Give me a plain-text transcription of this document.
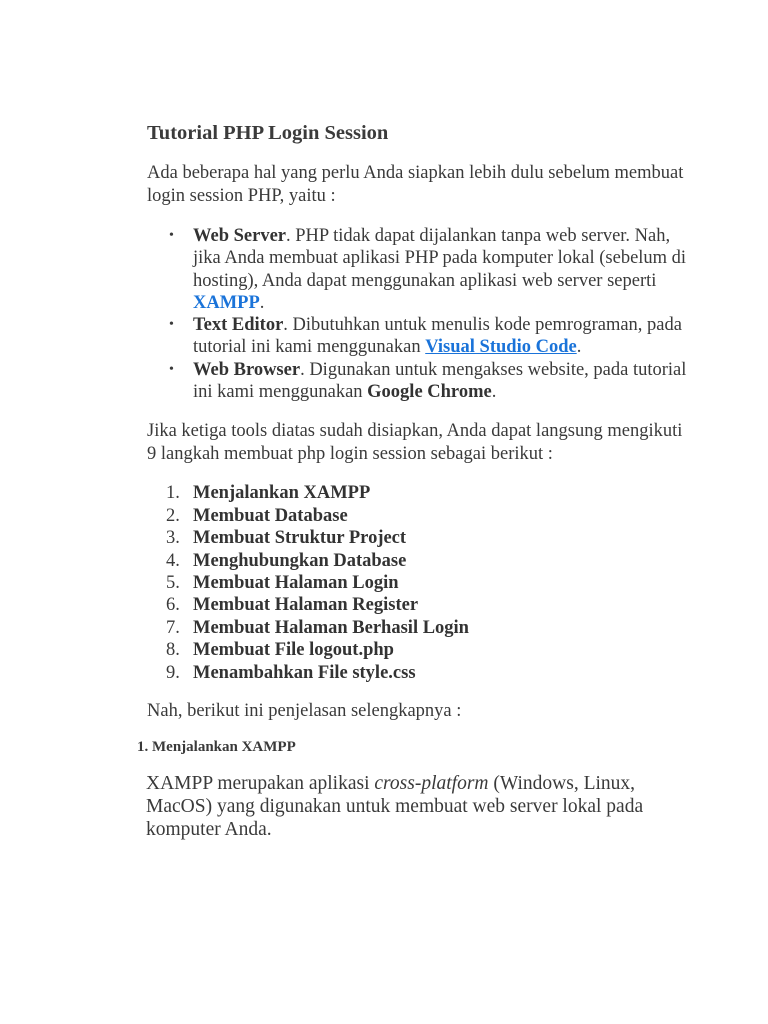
Tutorial PHP Login Session

Ada beberapa hal yang perlu Anda siapkan lebih dulu sebelum membuat login session PHP, yaitu :

• Web Server. PHP tidak dapat dijalankan tanpa web server. Nah, jika Anda membuat aplikasi PHP pada komputer lokal (sebelum di hosting), Anda dapat menggunakan aplikasi web server seperti XAMPP.
• Text Editor. Dibutuhkan untuk menulis kode pemrograman, pada tutorial ini kami menggunakan Visual Studio Code.
• Web Browser. Digunakan untuk mengakses website, pada tutorial ini kami menggunakan Google Chrome.

Jika ketiga tools diatas sudah disiapkan, Anda dapat langsung mengikuti 9 langkah membuat php login session sebagai berikut :

1. Menjalankan XAMPP
2. Membuat Database
3. Membuat Struktur Project
4. Menghubungkan Database
5. Membuat Halaman Login
6. Membuat Halaman Register
7. Membuat Halaman Berhasil Login
8. Membuat File logout.php
9. Menambahkan File style.css

Nah, berikut ini penjelasan selengkapnya :

1. Menjalankan XAMPP

XAMPP merupakan aplikasi cross-platform (Windows, Linux, MacOS) yang digunakan untuk membuat web server lokal pada komputer Anda.
